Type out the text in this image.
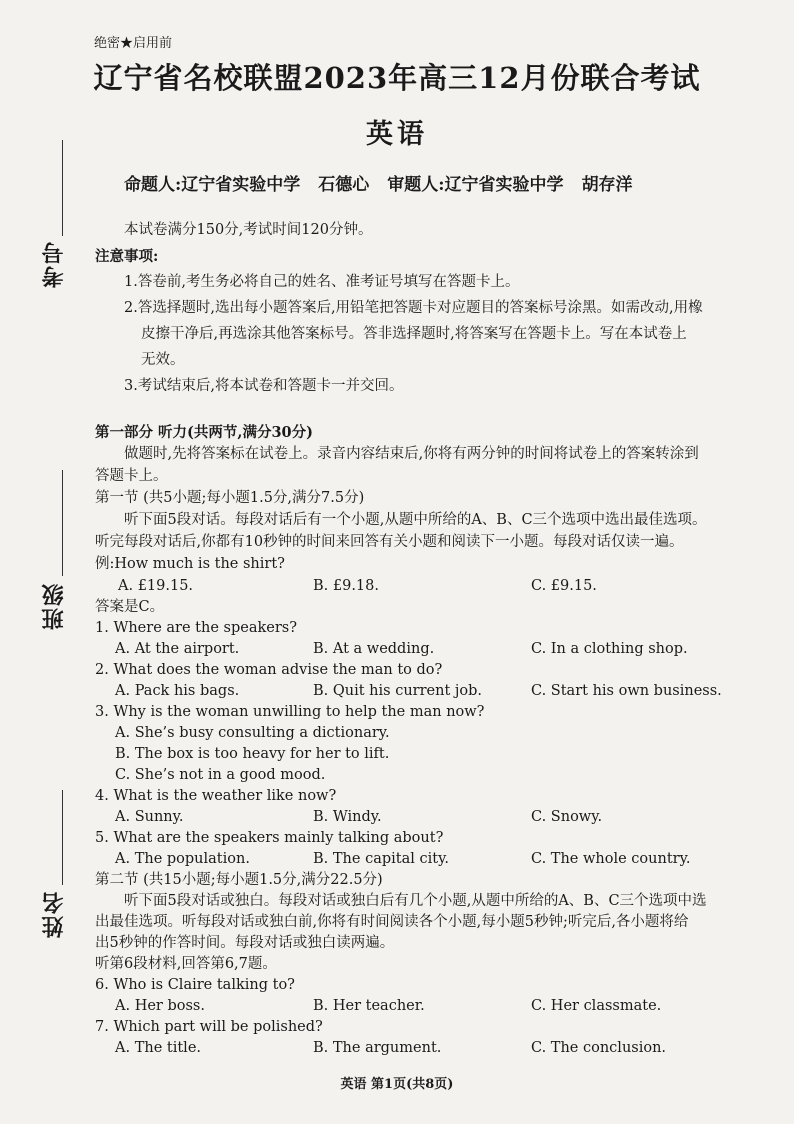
考号
班级
姓名
绝密★启用前
辽宁省名校联盟2023年高三12月份联合考试
英语
命题人:辽宁省实验中学 石德心 审题人:辽宁省实验中学 胡存洋
本试卷满分150分,考试时间120分钟。
注意事项:
1.答卷前,考生务必将自己的姓名、准考证号填写在答题卡上。
2.答选择题时,选出每小题答案后,用铅笔把答题卡对应题目的答案标号涂黑。如需改动,用橡
皮擦干净后,再选涂其他答案标号。答非选择题时,将答案写在答题卡上。写在本试卷上
无效。
3.考试结束后,将本试卷和答题卡一并交回。
第一部分 听力(共两节,满分30分)
做题时,先将答案标在试卷上。录音内容结束后,你将有两分钟的时间将试卷上的答案转涂到
答题卡上。
第一节 (共5小题;每小题1.5分,满分7.5分)
听下面5段对话。每段对话后有一个小题,从题中所给的A、B、C三个选项中选出最佳选项。
听完每段对话后,你都有10秒钟的时间来回答有关小题和阅读下一小题。每段对话仅读一遍。
例:How much is the shirt?
A. £19.15.	B. £9.18.	C. £9.15.
答案是C。
1. Where are the speakers?
A. At the airport.	B. At a wedding.	C. In a clothing shop.
2. What does the woman advise the man to do?
A. Pack his bags.	B. Quit his current job.	C. Start his own business.
3. Why is the woman unwilling to help the man now?
A. She’s busy consulting a dictionary.
B. The box is too heavy for her to lift.
C. She’s not in a good mood.
4. What is the weather like now?
A. Sunny.	B. Windy.	C. Snowy.
5. What are the speakers mainly talking about?
A. The population.	B. The capital city.	C. The whole country.
第二节 (共15小题;每小题1.5分,满分22.5分)
听下面5段对话或独白。每段对话或独白后有几个小题,从题中所给的A、B、C三个选项中选
出最佳选项。听每段对话或独白前,你将有时间阅读各个小题,每小题5秒钟;听完后,各小题将给
出5秒钟的作答时间。每段对话或独白读两遍。
听第6段材料,回答第6,7题。
6. Who is Claire talking to?
A. Her boss.	B. Her teacher.	C. Her classmate.
7. Which part will be polished?
A. The title.	B. The argument.	C. The conclusion.
英语 第1页(共8页)
